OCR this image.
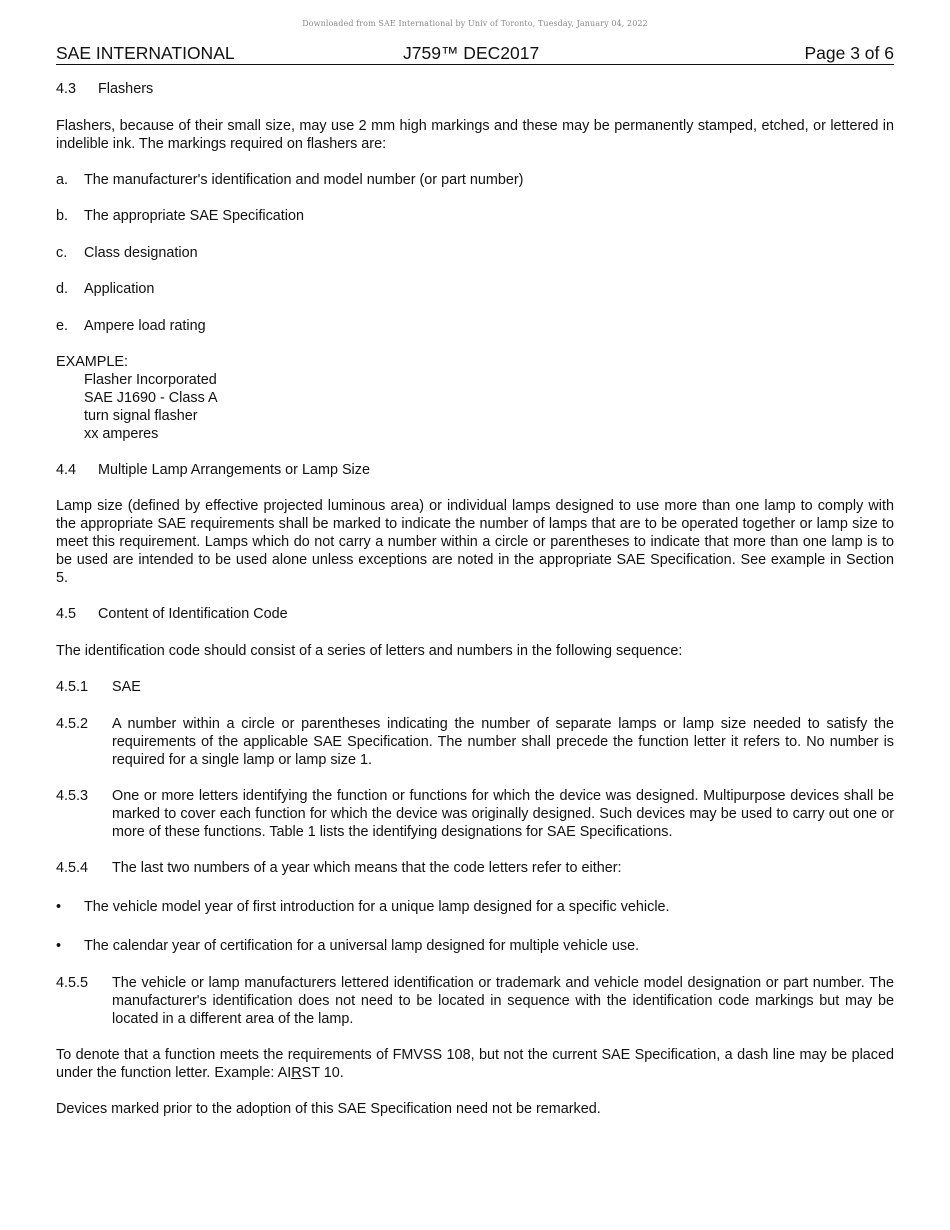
Downloaded from SAE International by Univ of Toronto, Tuesday, January 04, 2022
SAE INTERNATIONAL	J759™ DEC2017	Page 3 of 6
4.3 Flashers
Flashers, because of their small size, may use 2 mm high markings and these may be permanently stamped, etched, or lettered in indelible ink. The markings required on flashers are:
a. The manufacturer's identification and model number (or part number)
b. The appropriate SAE Specification
c. Class designation
d. Application
e. Ampere load rating
EXAMPLE:
Flasher Incorporated
SAE J1690 - Class A
turn signal flasher
xx amperes
4.4 Multiple Lamp Arrangements or Lamp Size
Lamp size (defined by effective projected luminous area) or individual lamps designed to use more than one lamp to comply with the appropriate SAE requirements shall be marked to indicate the number of lamps that are to be operated together or lamp size to meet this requirement. Lamps which do not carry a number within a circle or parentheses to indicate that more than one lamp is to be used are intended to be used alone unless exceptions are noted in the appropriate SAE Specification. See example in Section 5.
4.5 Content of Identification Code
The identification code should consist of a series of letters and numbers in the following sequence:
4.5.1 SAE
4.5.2 A number within a circle or parentheses indicating the number of separate lamps or lamp size needed to satisfy the requirements of the applicable SAE Specification. The number shall precede the function letter it refers to. No number is required for a single lamp or lamp size 1.
4.5.3 One or more letters identifying the function or functions for which the device was designed. Multipurpose devices shall be marked to cover each function for which the device was originally designed. Such devices may be used to carry out one or more of these functions. Table 1 lists the identifying designations for SAE Specifications.
4.5.4 The last two numbers of a year which means that the code letters refer to either:
• The vehicle model year of first introduction for a unique lamp designed for a specific vehicle.
• The calendar year of certification for a universal lamp designed for multiple vehicle use.
4.5.5 The vehicle or lamp manufacturers lettered identification or trademark and vehicle model designation or part number. The manufacturer's identification does not need to be located in sequence with the identification code markings but may be located in a different area of the lamp.
To denote that a function meets the requirements of FMVSS 108, but not the current SAE Specification, a dash line may be placed under the function letter. Example: AIRST 10.
Devices marked prior to the adoption of this SAE Specification need not be remarked.
